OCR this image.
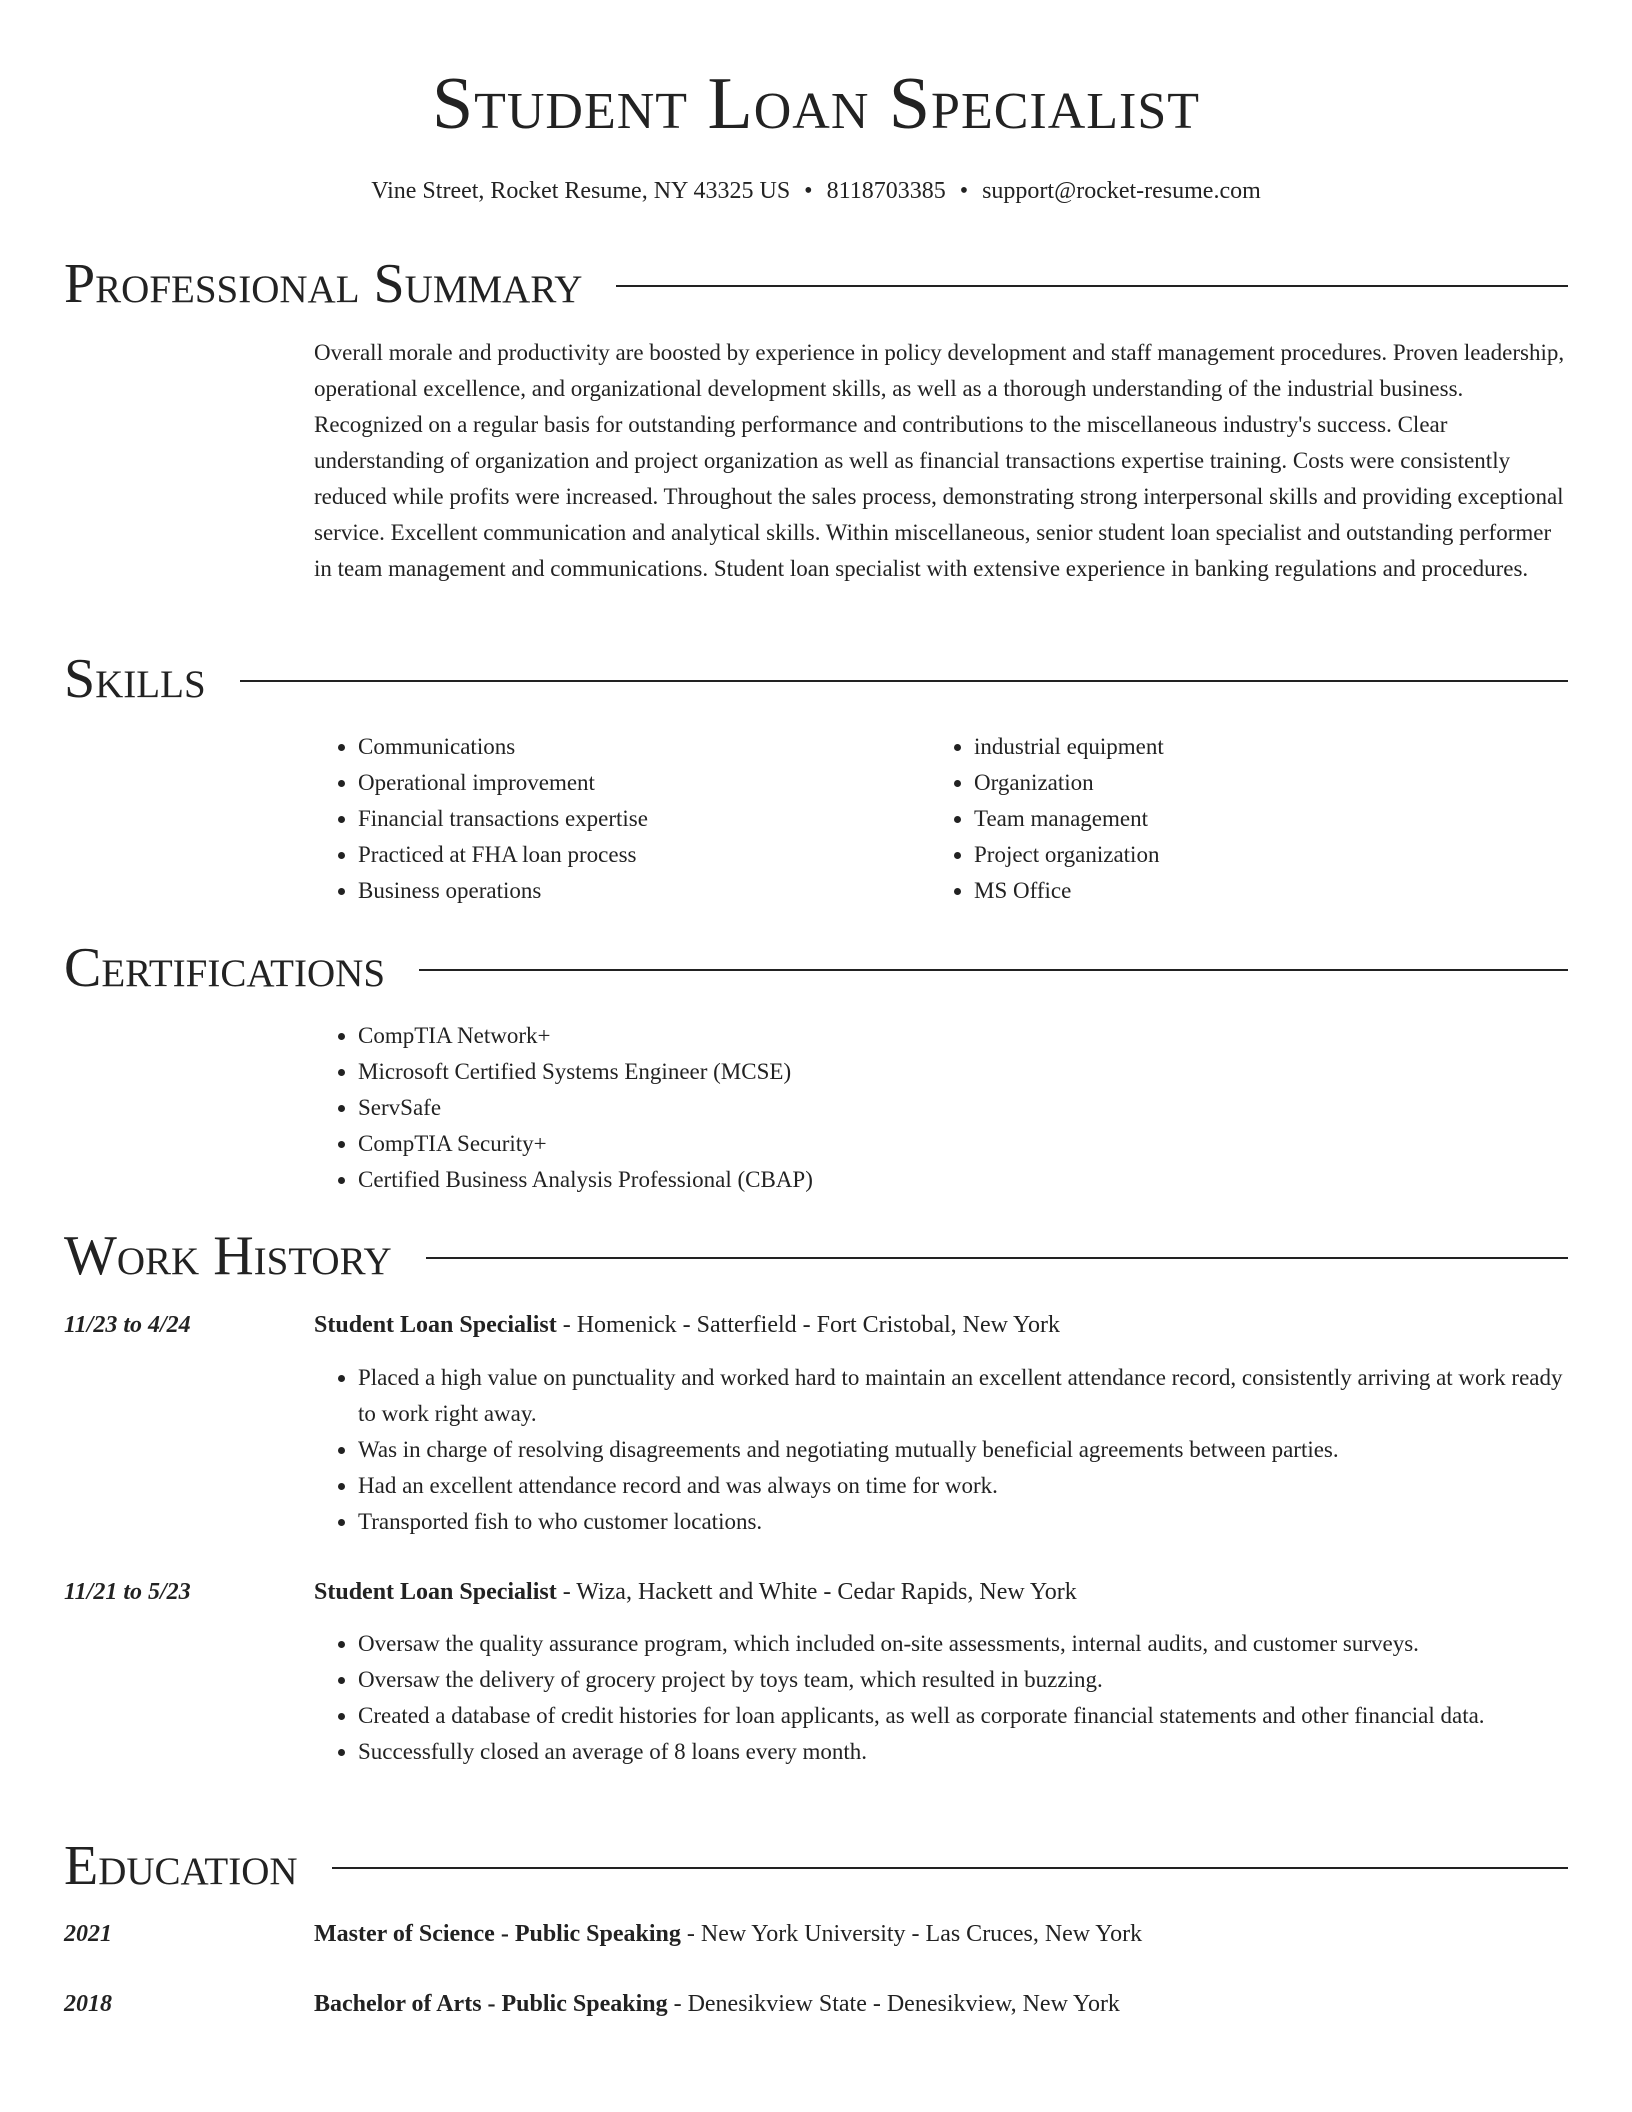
Student Loan Specialist
Vine Street, Rocket Resume, NY 43325 US • 8118703385 • support@rocket-resume.com
Professional Summary

Overall morale and productivity are boosted by experience in policy development and staff management procedures. Proven leadership, operational excellence, and organizational development skills, as well as a thorough understanding of the industrial business. Recognized on a regular basis for outstanding performance and contributions to the miscellaneous industry's success. Clear understanding of organization and project organization as well as financial transactions expertise training. Costs were consistently reduced while profits were increased. Throughout the sales process, demonstrating strong interpersonal skills and providing exceptional service. Excellent communication and analytical skills. Within miscellaneous, senior student loan specialist and outstanding performer in team management and communications. Student loan specialist with extensive experience in banking regulations and procedures.

Skills
• Communications
• Operational improvement
• Financial transactions expertise
• Practiced at FHA loan process
• Business operations
• industrial equipment
• Organization
• Team management
• Project organization
• MS Office
Certifications
• CompTIA Network+
• Microsoft Certified Systems Engineer (MCSE)
• ServSafe
• CompTIA Security+
• Certified Business Analysis Professional (CBAP)
Work History
11/23 to 4/24	Student Loan Specialist - Homenick - Satterfield - Fort Cristobal, New York
• Placed a high value on punctuality and worked hard to maintain an excellent attendance record, consistently arriving at work ready to work right away.
• Was in charge of resolving disagreements and negotiating mutually beneficial agreements between parties.
• Had an excellent attendance record and was always on time for work.
• Transported fish to who customer locations.
11/21 to 5/23	Student Loan Specialist - Wiza, Hackett and White - Cedar Rapids, New York
• Oversaw the quality assurance program, which included on-site assessments, internal audits, and customer surveys.
• Oversaw the delivery of grocery project by toys team, which resulted in buzzing.
• Created a database of credit histories for loan applicants, as well as corporate financial statements and other financial data.
• Successfully closed an average of 8 loans every month.
Education
2021	Master of Science - Public Speaking - New York University - Las Cruces, New York
2018	Bachelor of Arts - Public Speaking - Denesikview State - Denesikview, New York
